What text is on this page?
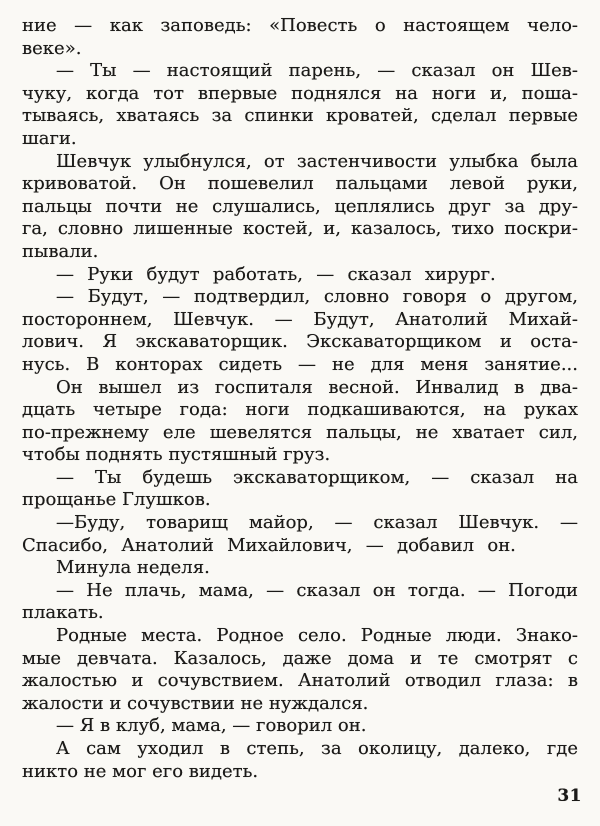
ние — как заповедь: «Повесть о настоящем чело-
веке».
— Ты — настоящий парень, — сказал он Шев-
чуку, когда тот впервые поднялся на ноги и, поша-
тываясь, хватаясь за спинки кроватей, сделал первые
шаги.
Шевчук улыбнулся, от застенчивости улыбка была
кривоватой. Он пошевелил пальцами левой руки,
пальцы почти не слушались, цеплялись друг за дру-
га, словно лишенные костей, и, казалось, тихо поскри-
пывали.
— Руки будут работать, — сказал хирург.
— Будут, — подтвердил, словно говоря о другом,
постороннем, Шевчук. — Будут, Анатолий Михай-
лович. Я экскаваторщик. Экскаваторщиком и оста-
нусь. В конторах сидеть — не для меня занятие...
Он вышел из госпиталя весной. Инвалид в два-
дцать четыре года: ноги подкашиваются, на руках
по-прежнему еле шевелятся пальцы, не хватает сил,
чтобы поднять пустяшный груз.
— Ты будешь экскаваторщиком, — сказал на
прощанье Глушков.
—Буду, товарищ майор, — сказал Шевчук. —
Спасибо, Анатолий Михайлович, — добавил он.
Минула неделя.
— Не плачь, мама, — сказал он тогда. — Погоди
плакать.
Родные места. Родное село. Родные люди. Знако-
мые девчата. Казалось, даже дома и те смотрят с
жалостью и сочувствием. Анатолий отводил глаза: в
жалости и сочувствии не нуждался.
— Я в клуб, мама, — говорил он.
А сам уходил в степь, за околицу, далеко, где
никто не мог его видеть.
31
